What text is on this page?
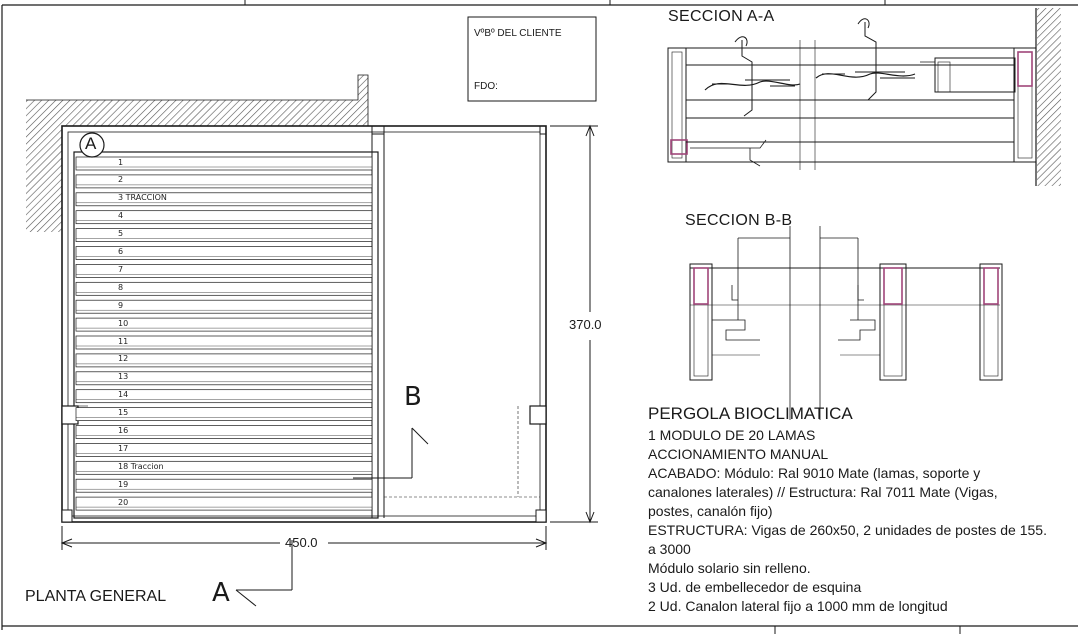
VºBº DEL CLIENTE
FDO:
1
2
3 TRACCION
4
5
6
7
8
9
10
11
12
13
14
15
16
17
18 Traccion
19
20
A
370.0
450.0
B
A
PLANTA GENERAL
SECCION A-A
SECCION B-B
PERGOLA BIOCLIMATICA
1 MODULO DE 20 LAMAS
ACCIONAMIENTO MANUAL
ACABADO: Módulo: Ral 9010 Mate (lamas, soporte y
canalones laterales) // Estructura: Ral 7011 Mate (Vigas,
postes, canalón fijo)
ESTRUCTURA: Vigas de 260x50, 2 unidades de postes de 155.
a 3000
Módulo solario sin relleno.
3 Ud. de embellecedor de esquina
2 Ud. Canalon lateral fijo a 1000 mm de longitud
